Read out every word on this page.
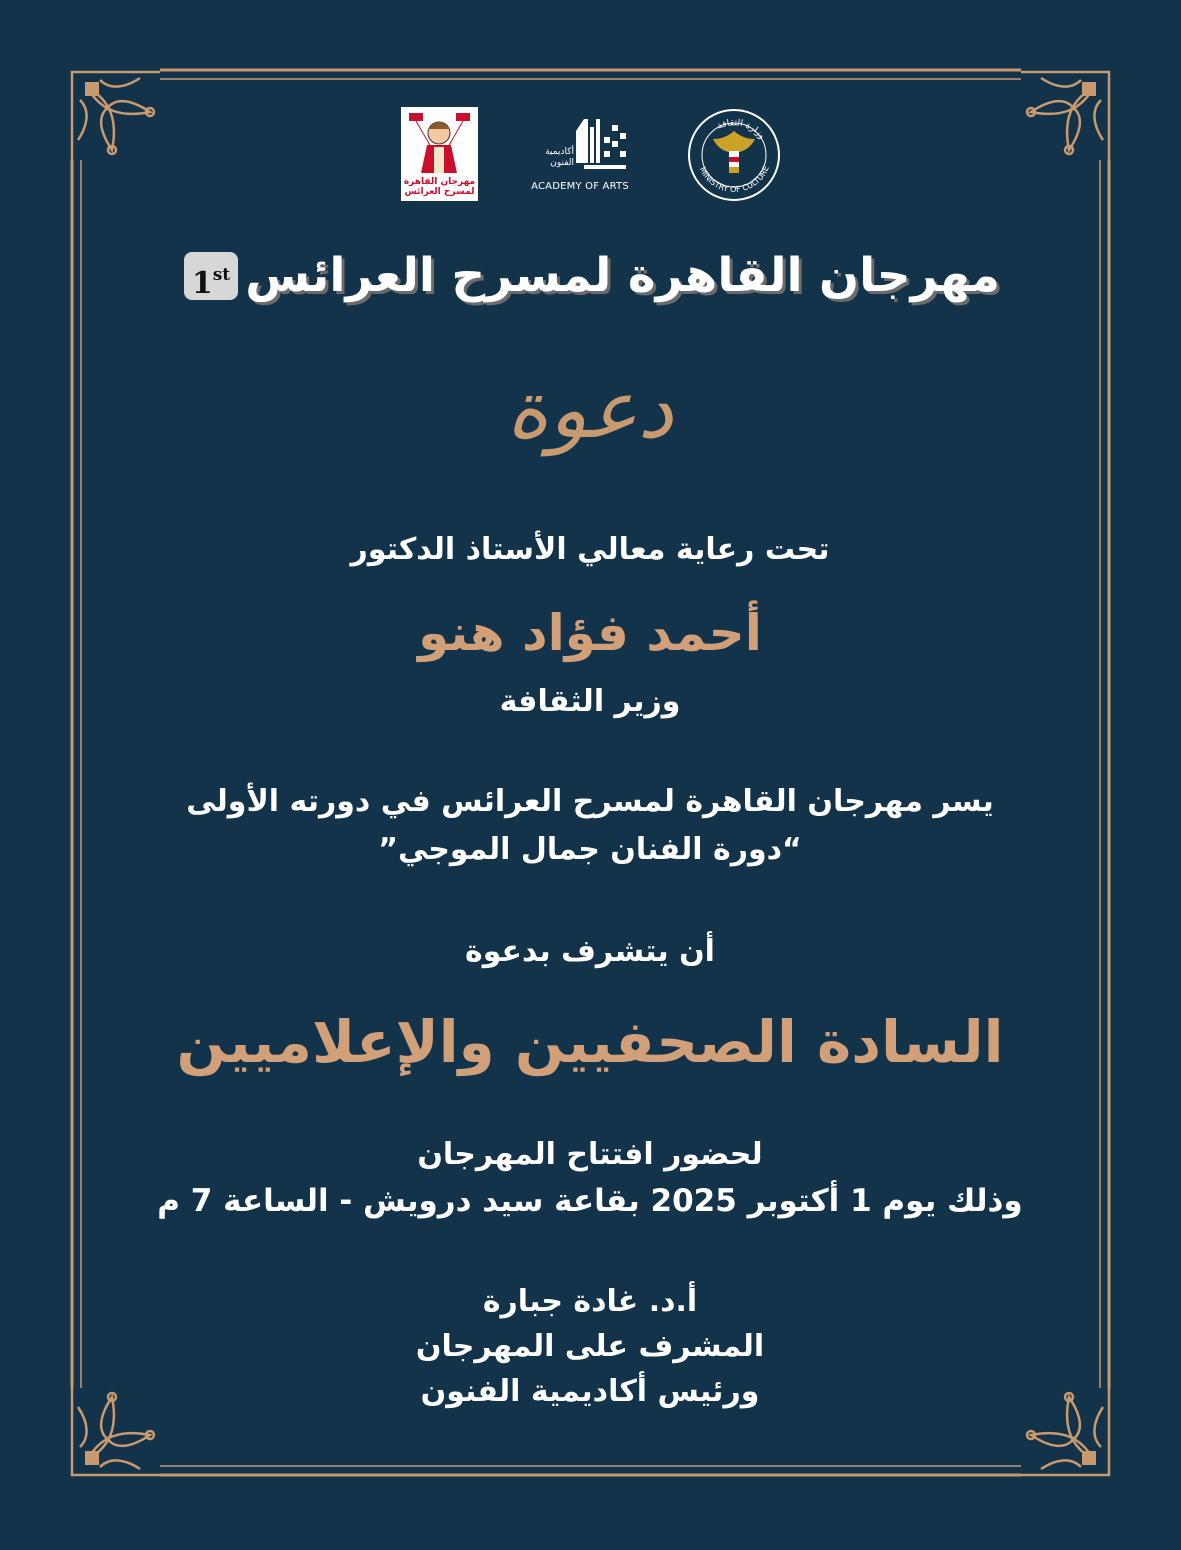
مهرجان القاهرة لمسرح العرائس
أكاديمية الفنون
ACADEMY OF ARTS
MINISTRY OF CULTURE
وزارة الثقافة
1st مهرجان القاهرة لمسرح العرائس
دعوة
تحت رعاية معالي الأستاذ الدكتور
أحمد فؤاد هنو
وزير الثقافة
يسر مهرجان القاهرة لمسرح العرائس في دورته الأولى
“دورة الفنان جمال الموجي”
أن يتشرف بدعوة
السادة الصحفيين والإعلاميين
لحضور افتتاح المهرجان
وذلك يوم 1 أكتوبر 2025 بقاعة سيد درويش - الساعة 7 م
أ.د. غادة جبارة
المشرف على المهرجان
ورئيس أكاديمية الفنون
